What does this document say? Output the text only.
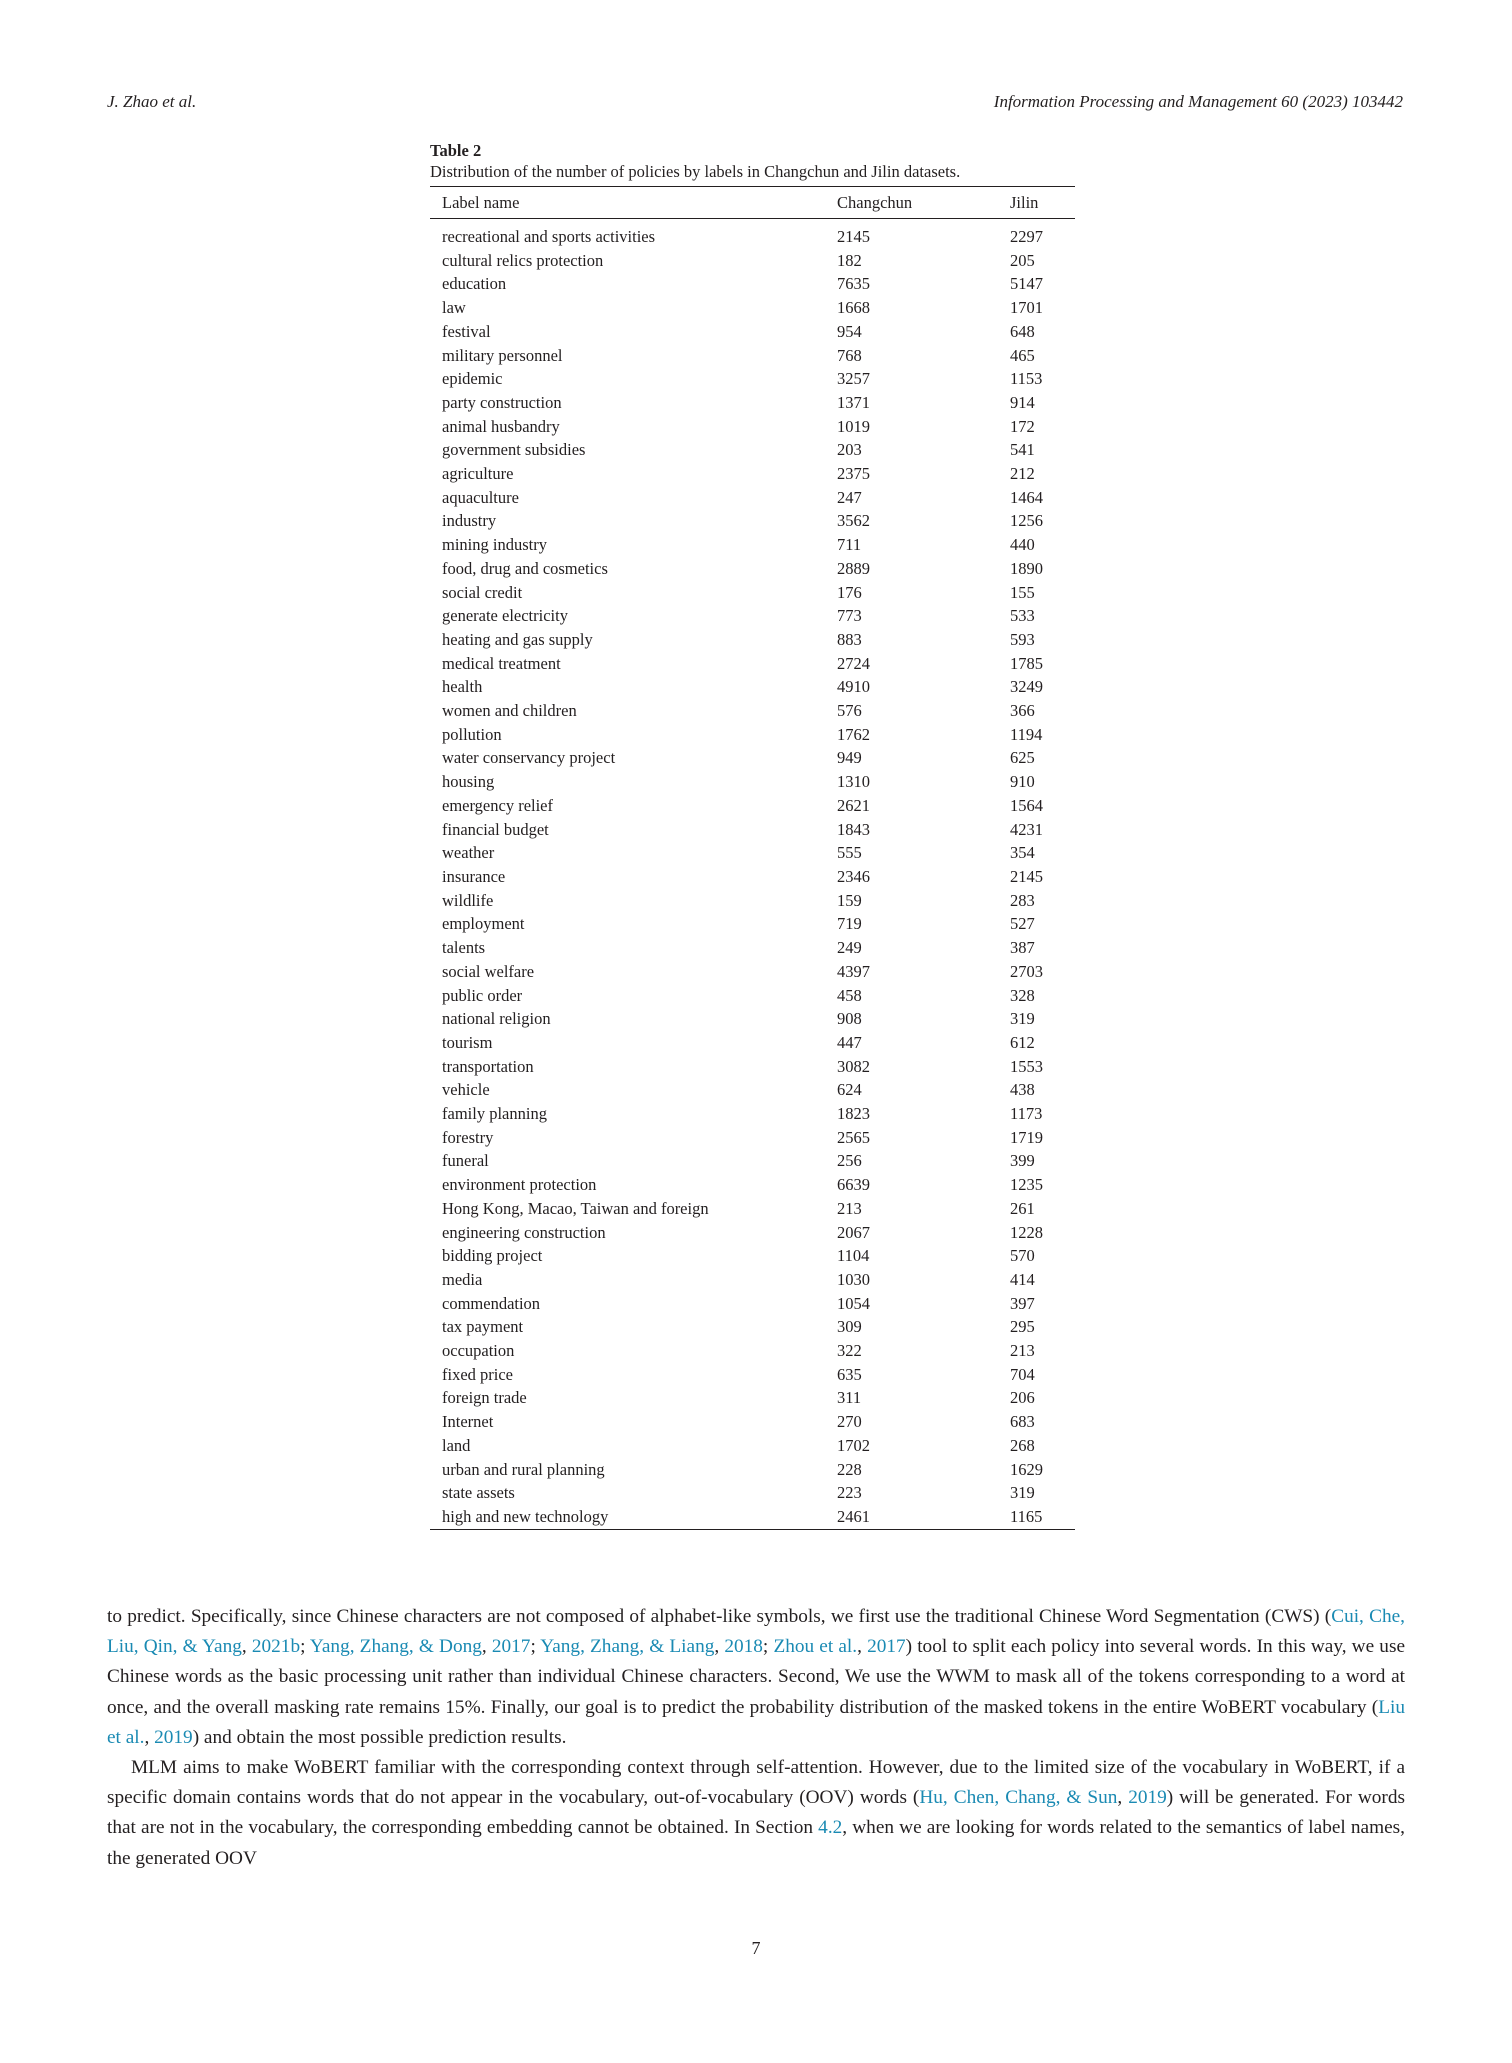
J. Zhao et al.	Information Processing and Management 60 (2023) 103442
Table 2
Distribution of the number of policies by labels in Changchun and Jilin datasets.
Label name	Changchun	Jilin
recreational and sports activities	2145	2297
cultural relics protection	182	205
education	7635	5147
law	1668	1701
festival	954	648
military personnel	768	465
epidemic	3257	1153
party construction	1371	914
animal husbandry	1019	172
government subsidies	203	541
agriculture	2375	212
aquaculture	247	1464
industry	3562	1256
mining industry	711	440
food, drug and cosmetics	2889	1890
social credit	176	155
generate electricity	773	533
heating and gas supply	883	593
medical treatment	2724	1785
health	4910	3249
women and children	576	366
pollution	1762	1194
water conservancy project	949	625
housing	1310	910
emergency relief	2621	1564
financial budget	1843	4231
weather	555	354
insurance	2346	2145
wildlife	159	283
employment	719	527
talents	249	387
social welfare	4397	2703
public order	458	328
national religion	908	319
tourism	447	612
transportation	3082	1553
vehicle	624	438
family planning	1823	1173
forestry	2565	1719
funeral	256	399
environment protection	6639	1235
Hong Kong, Macao, Taiwan and foreign	213	261
engineering construction	2067	1228
bidding project	1104	570
media	1030	414
commendation	1054	397
tax payment	309	295
occupation	322	213
fixed price	635	704
foreign trade	311	206
Internet	270	683
land	1702	268
urban and rural planning	228	1629
state assets	223	319
high and new technology	2461	1165

to predict. Specifically, since Chinese characters are not composed of alphabet-like symbols, we first use the traditional Chinese Word Segmentation (CWS) (Cui, Che, Liu, Qin, & Yang, 2021b; Yang, Zhang, & Dong, 2017; Yang, Zhang, & Liang, 2018; Zhou et al., 2017) tool to split each policy into several words. In this way, we use Chinese words as the basic processing unit rather than individual Chinese characters. Second, We use the WWM to mask all of the tokens corresponding to a word at once, and the overall masking rate remains 15%. Finally, our goal is to predict the probability distribution of the masked tokens in the entire WoBERT vocabulary (Liu et al., 2019) and obtain the most possible prediction results.

MLM aims to make WoBERT familiar with the corresponding context through self-attention. However, due to the limited size of the vocabulary in WoBERT, if a specific domain contains words that do not appear in the vocabulary, out-of-vocabulary (OOV) words (Hu, Chen, Chang, & Sun, 2019) will be generated. For words that are not in the vocabulary, the corresponding embedding cannot be obtained. In Section 4.2, when we are looking for words related to the semantics of label names, the generated OOV

7
